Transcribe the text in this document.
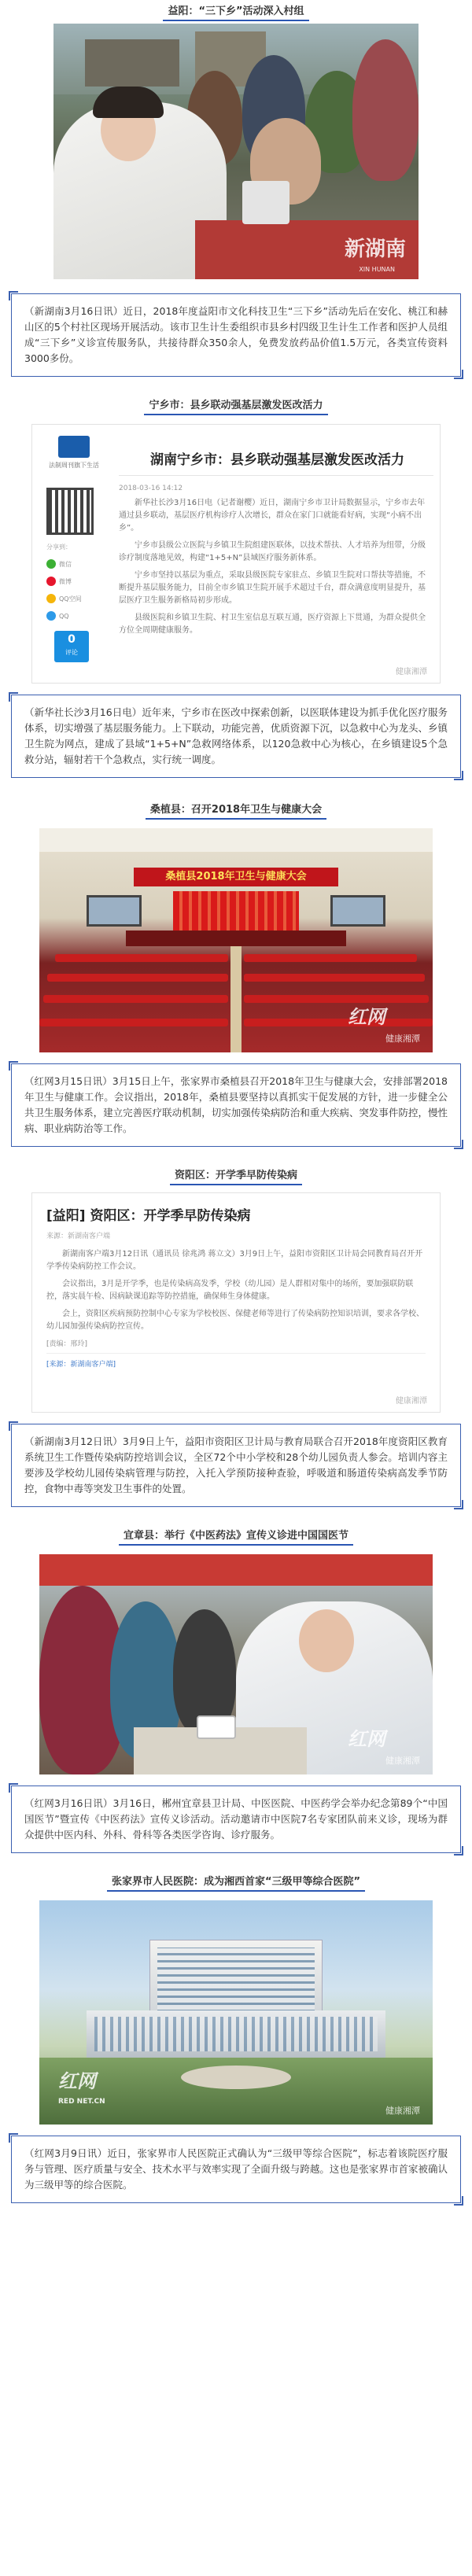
益阳：“三下乡”活动深入村组
新湖南
XIN HUNAN
（新湖南3月16日讯）近日，2018年度益阳市文化科技卫生“三下乡”活动先后在安化、桃江和赫山区的5个村社区现场开展活动。该市卫生计生委组织市县乡村四级卫生计生工作者和医护人员组成“三下乡”义诊宣传服务队，共接待群众350余人，免费发放药品价值1.5万元，各类宣传资料3000多份。
宁乡市：县乡联动强基层激发医改活力
法制周刊旗下生活	湖南宁乡市：县乡联动强基层激发医改活力
分享到：
微信
微博
QQ空间
QQ
0
评论
2018-03-16 14:12

新华社长沙3月16日电（记者谢樱）近日，湖南宁乡市卫计局数据显示，宁乡市去年通过县乡联动，基层医疗机构诊疗人次增长，群众在家门口就能看好病，实现“小病不出乡”。

宁乡市县级公立医院与乡镇卫生院组建医联体，以技术帮扶、人才培养为纽带，分级诊疗制度落地见效，构建“1+5+N”县域医疗服务新体系。

宁乡市坚持以基层为重点，采取县级医院专家驻点、乡镇卫生院对口帮扶等措施，不断提升基层服务能力，目前全市乡镇卫生院开展手术超过千台，群众满意度明显提升，基层医疗卫生服务新格局初步形成。

县级医院和乡镇卫生院、村卫生室信息互联互通，医疗资源上下贯通，为群众提供全方位全周期健康服务。

健康湘潭
（新华社长沙3月16日电）近年来，宁乡市在医改中探索创新，以医联体建设为抓手优化医疗服务体系，切实增强了基层服务能力。上下联动，功能完善，优质资源下沉，以急救中心为龙头、乡镇卫生院为网点，建成了县域“1+5+N”急救网络体系，以120急救中心为核心，在乡镇建设5个急救分站，辐射若干个急救点，实行统一调度。
桑植县：召开2018年卫生与健康大会
桑植县2018年卫生与健康大会
红网
健康湘潭
（红网3月15日讯）3月15日上午，张家界市桑植县召开2018年卫生与健康大会，安排部署2018年卫生与健康工作。会议指出，2018年，桑植县要坚持以真抓实干促发展的方针，进一步健全公共卫生服务体系，建立完善医疗联动机制，切实加强传染病防治和重大疾病、突发事件防控，慢性病、职业病防治等工作。
资阳区：开学季早防传染病
[益阳] 资阳区：开学季早防传染病
来源：新湖南客户端

新湖南客户端3月12日讯（通讯员 徐兆鸿 蒋立文）3月9日上午，益阳市资阳区卫计局会同教育局召开开学季传染病防控工作会议。

会议指出，3月是开学季，也是传染病高发季，学校（幼儿园）是人群相对集中的场所，要加强联防联控，落实晨午检、因病缺课追踪等防控措施，确保师生身体健康。

会上，资阳区疾病预防控制中心专家为学校校医、保健老师等进行了传染病防控知识培训，要求各学校、幼儿园加强传染病防控宣传。

[责编：邢玲]
[来源：新湖南客户端]
健康湘潭
（新湖南3月12日讯）3月9日上午，益阳市资阳区卫计局与教育局联合召开2018年度资阳区教育系统卫生工作暨传染病防控培训会议，全区72个中小学校和28个幼儿园负责人参会。培训内容主要涉及学校幼儿园传染病管理与防控，入托入学预防接种查验，呼吸道和肠道传染病高发季节防控，食物中毒等突发卫生事件的处置。
宜章县：举行《中医药法》宣传义诊进中国国医节
红网
健康湘潭
（红网3月16日讯）3月16日，郴州宜章县卫计局、中医医院、中医药学会举办纪念第89个“中国国医节”暨宣传《中医药法》宣传义诊活动。活动邀请市中医院7名专家团队前来义诊，现场为群众提供中医内科、外科、骨科等各类医学咨询、诊疗服务。
张家界市人民医院：成为湘西首家“三级甲等综合医院”
红网
RED NET.CN
健康湘潭
（红网3月9日讯）近日，张家界市人民医院正式确认为“三级甲等综合医院”，标志着该院医疗服务与管理、医疗质量与安全、技术水平与效率实现了全面升级与跨越。这也是张家界市首家被确认为三级甲等的综合医院。
